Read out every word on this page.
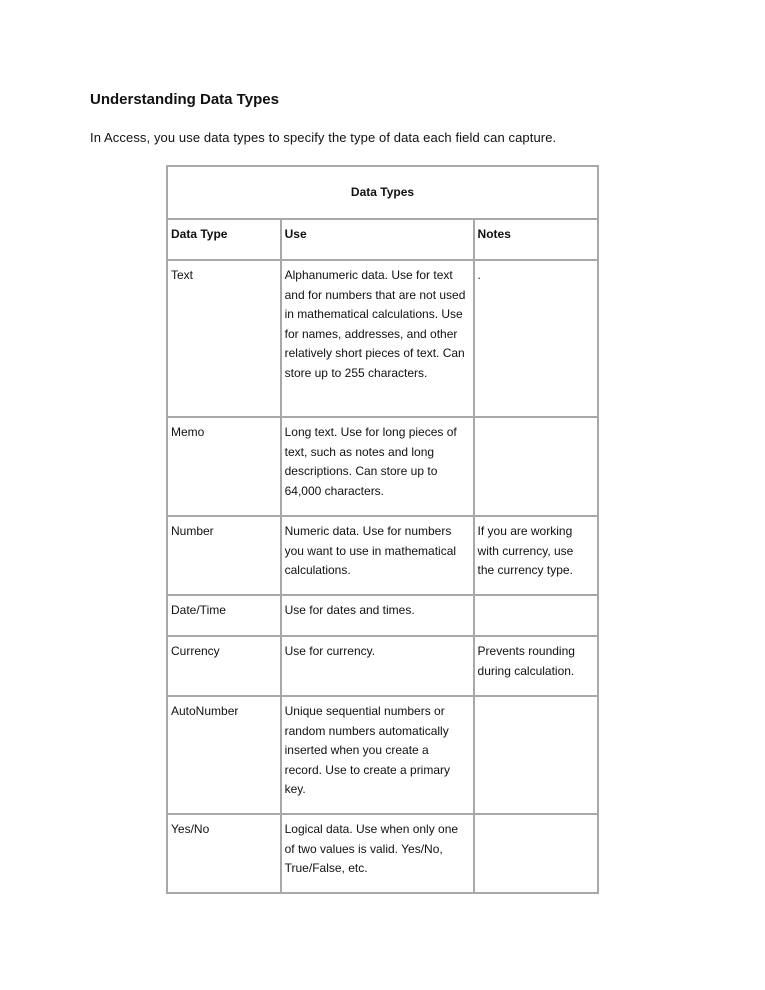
Understanding Data Types

In Access, you use data types to specify the type of data each field can capture.

Data Types		
Data Type	Use	Notes
Text	Alphanumeric data. Use for text and for numbers that are not used in mathematical calculations. Use for names, addresses, and other relatively short pieces of text. Can store up to 255 characters.	.
Memo	Long text. Use for long pieces of text, such as notes and long descriptions. Can store up to 64,000 characters.	
Number	Numeric data. Use for numbers you want to use in mathematical calculations.	If you are working with currency, use the currency type.
Date/Time	Use for dates and times.	
Currency	Use for currency.	Prevents rounding during calculation.
AutoNumber	Unique sequential numbers or random numbers automatically inserted when you create a record. Use to create a primary key.	
Yes/No	Logical data. Use when only one of two values is valid. Yes/No, True/False, etc.	
